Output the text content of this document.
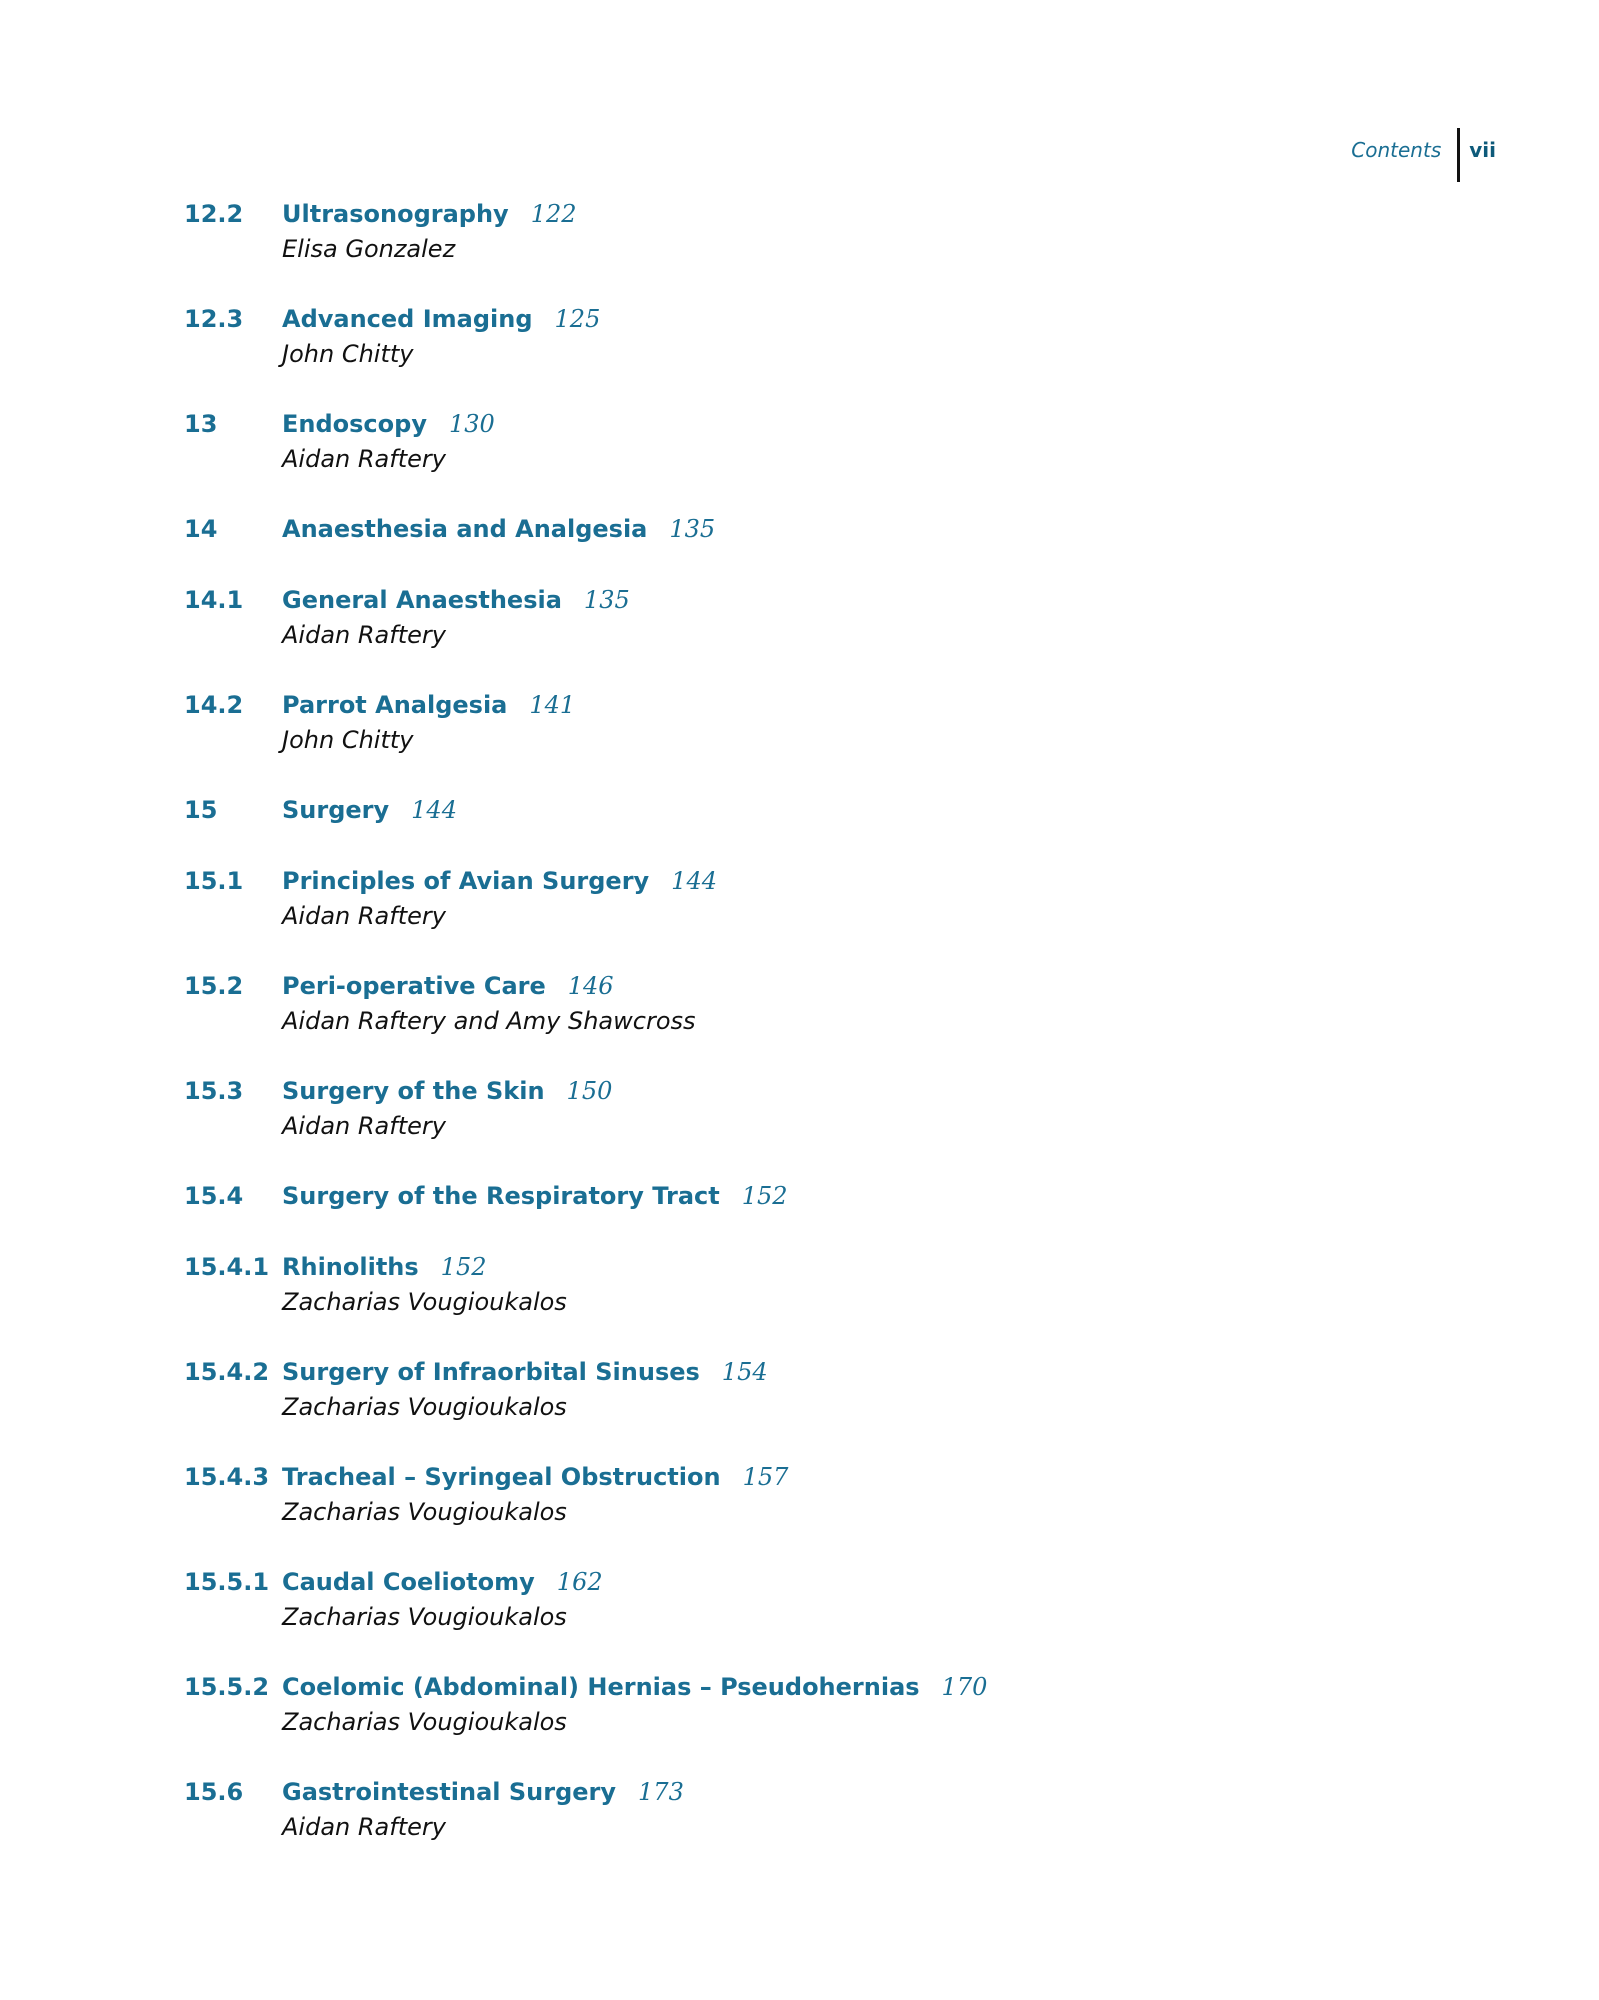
Contents vii
12.2 Ultrasonography 122
Elisa Gonzalez
12.3 Advanced Imaging 125
John Chitty
13	Endoscopy 130
Aidan Raftery
14	Anaesthesia and Analgesia 135
14.1 General Anaesthesia 135
Aidan Raftery
14.2 Parrot Analgesia 141
John Chitty
15	Surgery 144
15.1 Principles of Avian Surgery 144
Aidan Raftery
15.2 Peri-operative Care 146
Aidan Raftery and Amy Shawcross
15.3 Surgery of the Skin 150
Aidan Raftery
15.4 Surgery of the Respiratory Tract 152
15.4.1 Rhinoliths 152
Zacharias Vougioukalos
15.4.2 Surgery of Infraorbital Sinuses 154
Zacharias Vougioukalos
15.4.3 Tracheal – Syringeal Obstruction 157
Zacharias Vougioukalos
15.5.1 Caudal Coeliotomy 162
Zacharias Vougioukalos
15.5.2 Coelomic (Abdominal) Hernias – Pseudohernias 170
Zacharias Vougioukalos
15.6 Gastrointestinal Surgery 173
Aidan Raftery
